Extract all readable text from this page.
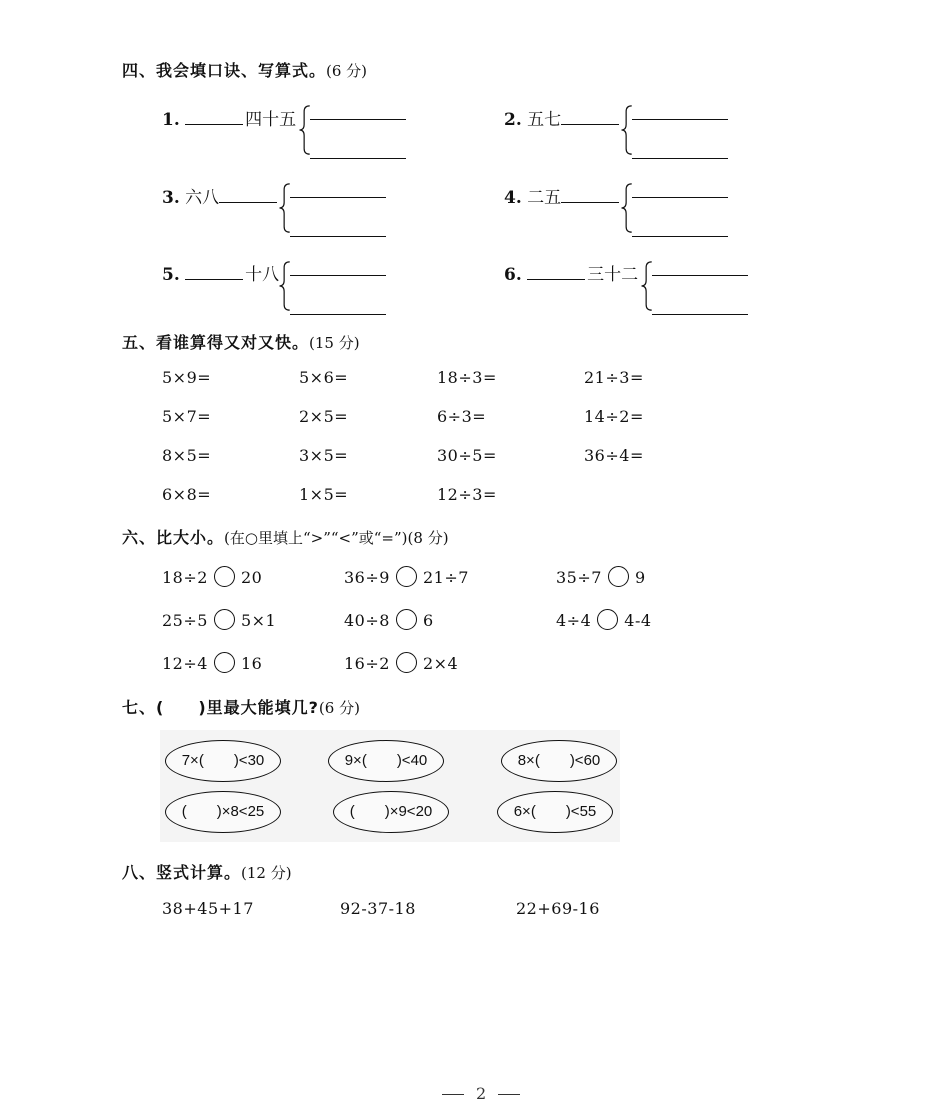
四、我会填口诀、写算式。(6 分)
1.	四十五	2. 五七
3. 六八	4. 二五
5.	十八	6.	三十二
五、看谁算得又对又快。(15 分)
5×9=	5×6=	18÷3=	21÷3=
5×7=	2×5=	6÷3=	14÷2=
8×5=	3×5=	30÷5=	36÷4=
6×8=	1×5=	12÷3=
六、比大小。(在○里填上“>”“<”或“=”)(8 分)
18÷2 20	36÷9 21÷7	35÷7 9
25÷5 5×1	40÷8 6	4÷4 4-4
12÷4 16	16÷2 2×4
七、(　　)里最大能填几?(6 分)
7×(　　)<30	9×(　　)<40	8×(　　)<60
(　　)×8<25	(　　)×9<20	6×(　　)<55
八、竖式计算。(12 分)
38+45+17	92-37-18	22+69-16
2
